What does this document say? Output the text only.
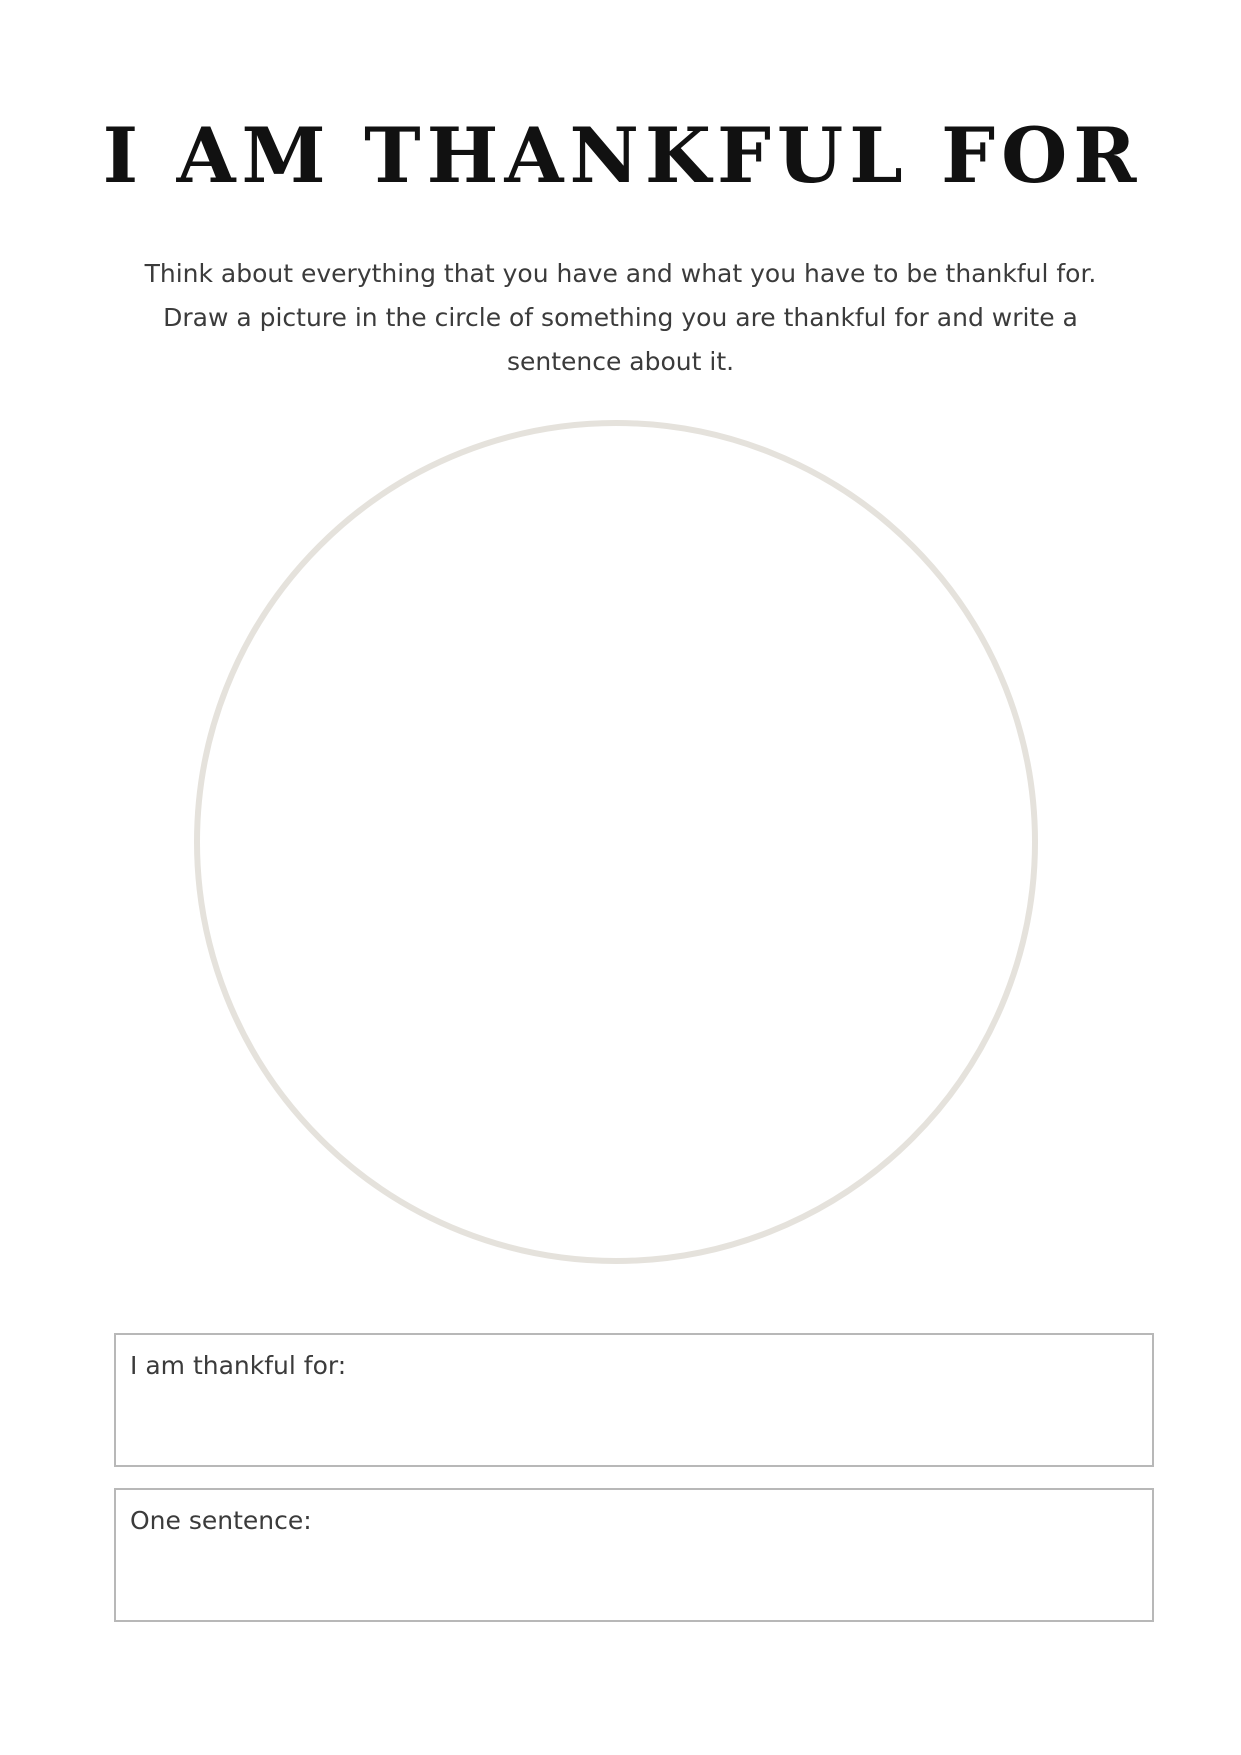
I AM THANKFUL FOR

Think about everything that you have and what you have to be thankful for.
Draw a picture in the circle of something you are thankful for and write a
sentence about it.

I am thankful for:
One sentence:
